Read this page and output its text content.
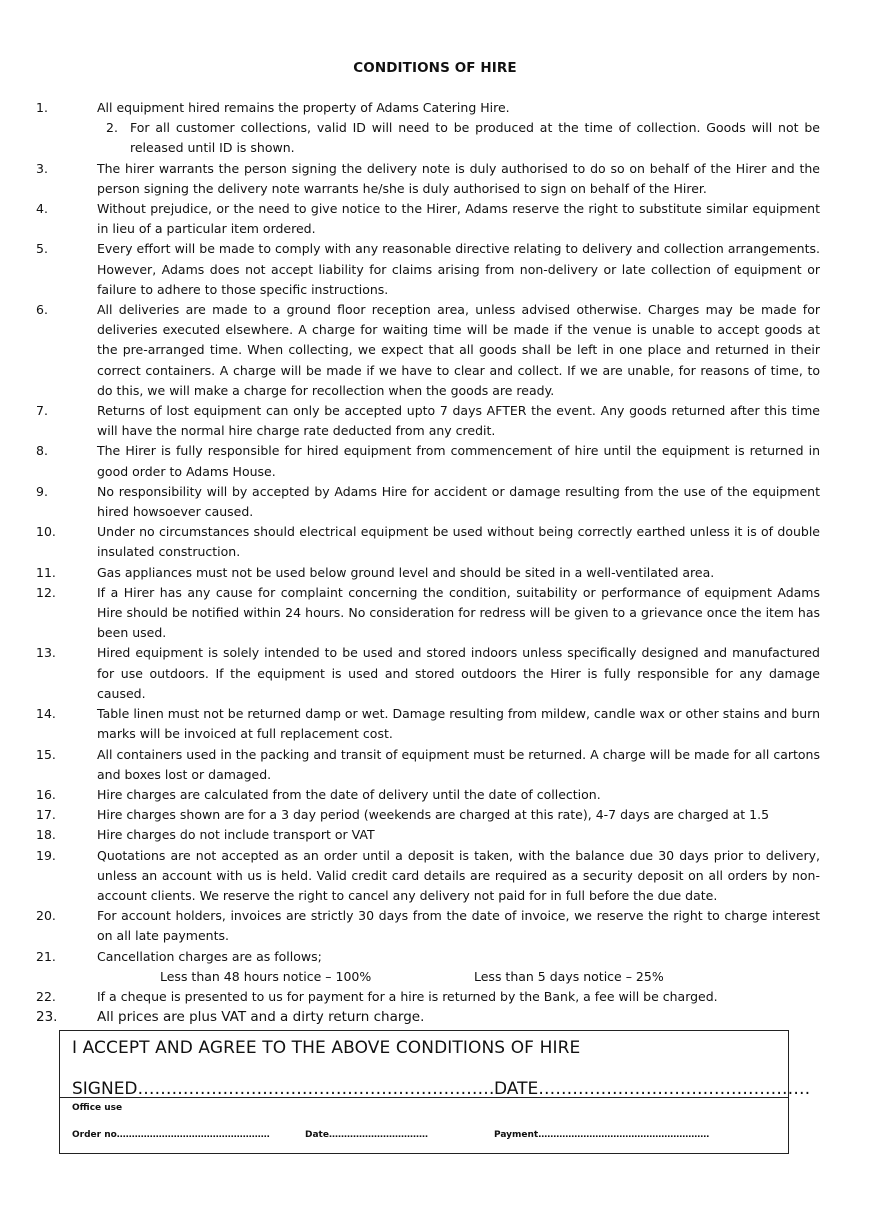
CONDITIONS OF HIRE
1.	All equipment hired remains the property of Adams Catering Hire.
2. For all customer collections, valid ID will need to be produced at the time of collection. Goods will not be released until ID is shown.
3.	The hirer warrants the person signing the delivery note is duly authorised to do so on behalf of the Hirer and the person signing the delivery note warrants he/she is duly authorised to sign on behalf of the Hirer.
4.	Without prejudice, or the need to give notice to the Hirer, Adams reserve the right to substitute similar equipment in lieu of a particular item ordered.
5.	Every effort will be made to comply with any reasonable directive relating to delivery and collection arrangements. However, Adams does not accept liability for claims arising from non-delivery or late collection of equipment or failure to adhere to those specific instructions.
6.	All deliveries are made to a ground floor reception area, unless advised otherwise. Charges may be made for deliveries executed elsewhere. A charge for waiting time will be made if the venue is unable to accept goods at the pre-arranged time. When collecting, we expect that all goods shall be left in one place and returned in their correct containers. A charge will be made if we have to clear and collect. If we are unable, for reasons of time, to do this, we will make a charge for recollection when the goods are ready.
7.	Returns of lost equipment can only be accepted upto 7 days AFTER the event. Any goods returned after this time will have the normal hire charge rate deducted from any credit.
8.	The Hirer is fully responsible for hired equipment from commencement of hire until the equipment is returned in good order to Adams House.
9.	No responsibility will by accepted by Adams Hire for accident or damage resulting from the use of the equipment hired howsoever caused.
10.	Under no circumstances should electrical equipment be used without being correctly earthed unless it is of double insulated construction.
11.	Gas appliances must not be used below ground level and should be sited in a well-ventilated area.
12.	If a Hirer has any cause for complaint concerning the condition, suitability or performance of equipment Adams Hire should be notified within 24 hours. No consideration for redress will be given to a grievance once the item has been used.
13.	Hired equipment is solely intended to be used and stored indoors unless specifically designed and manufactured for use outdoors. If the equipment is used and stored outdoors the Hirer is fully responsible for any damage caused.
14.	Table linen must not be returned damp or wet. Damage resulting from mildew, candle wax or other stains and burn marks will be invoiced at full replacement cost.
15.	All containers used in the packing and transit of equipment must be returned. A charge will be made for all cartons and boxes lost or damaged.
16.	Hire charges are calculated from the date of delivery until the date of collection.
17.	Hire charges shown are for a 3 day period (weekends are charged at this rate), 4-7 days are charged at 1.5
18.	Hire charges do not include transport or VAT
19.	Quotations are not accepted as an order until a deposit is taken, with the balance due 30 days prior to delivery, unless an account with us is held. Valid credit card details are required as a security deposit on all orders by non-account clients. We reserve the right to cancel any delivery not paid for in full before the due date.
20.	For account holders, invoices are strictly 30 days from the date of invoice, we reserve the right to charge interest on all late payments.
21.	Cancellation charges are as follows;
Less than 48 hours notice – 100%	Less than 5 days notice – 25%
22.	If a cheque is presented to us for payment for a hire is returned by the Bank, a fee will be charged.
23.	All prices are plus VAT and a dirty return charge.
I ACCEPT AND AGREE TO THE ABOVE CONDITIONS OF HIRE
SIGNED……………………………………………………… DATE…………………………………………
Office use
Order no……………………………………………	Date……………………………	Payment…………………………………………………
